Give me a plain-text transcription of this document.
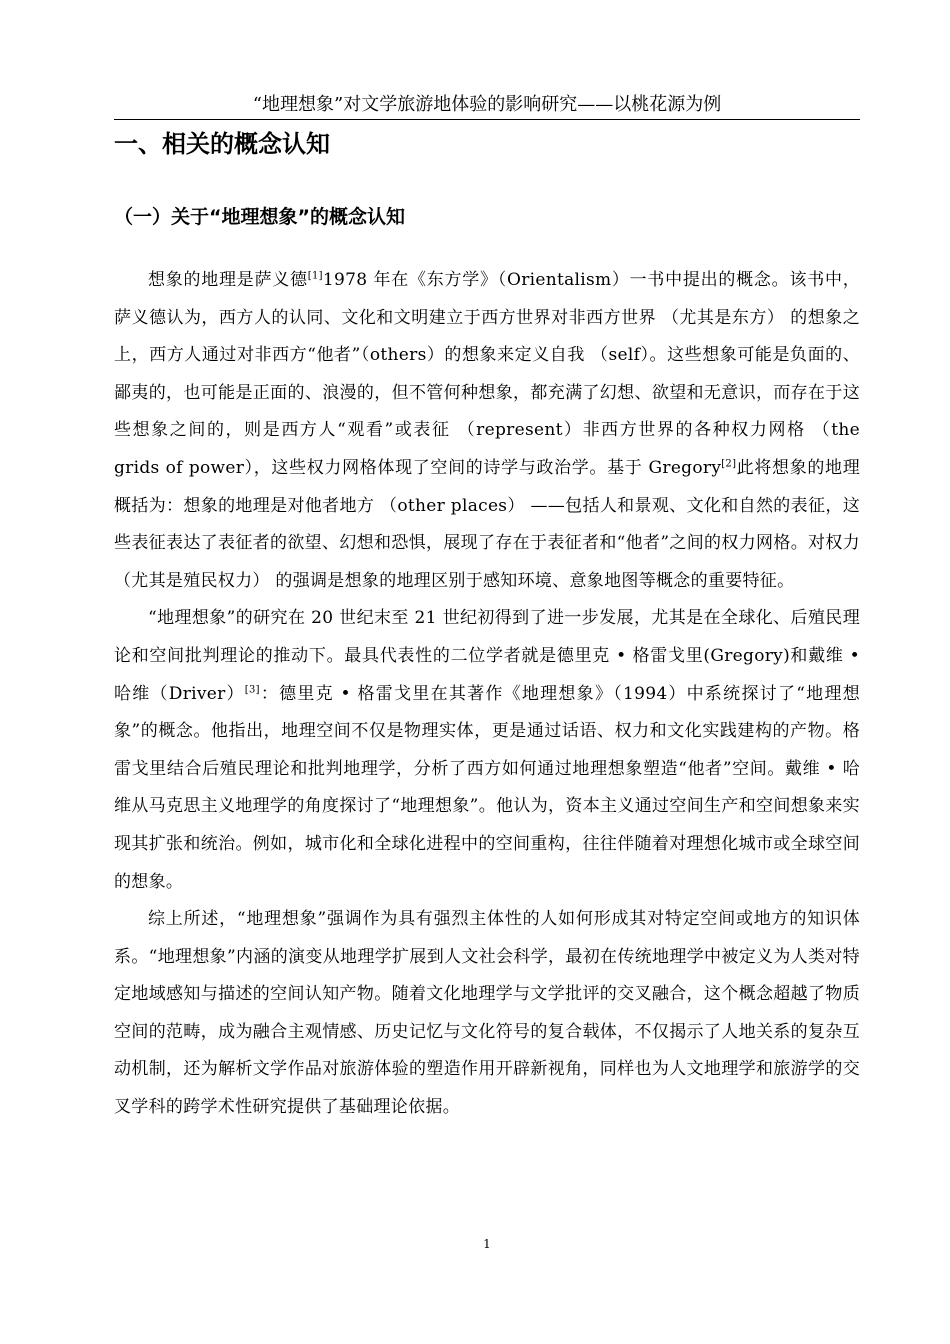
“地理想象”对文学旅游地体验的影响研究——以桃花源为例
一、相关的概念认知
（一）关于“地理想象”的概念认知

想象的地理是萨义德[1]1978 年在《东方学》（Orientalism）一书中提出的概念。该书中，萨义德认为，西方人的认同、文化和文明建立于西方世界对非西方世界 （尤其是东方） 的想象之上，西方人通过对非西方“他者”（others）的想象来定义自我 （self）。这些想象可能是负面的、鄙夷的，也可能是正面的、浪漫的，但不管何种想象，都充满了幻想、欲望和无意识，而存在于这些想象之间的，则是西方人“观看”或表征 （represent）非西方世界的各种权力网格 （the grids of power），这些权力网格体现了空间的诗学与政治学。基于 Gregory[2]此将想象的地理概括为：想象的地理是对他者地方 （other places） ——包括人和景观、文化和自然的表征，这些表征表达了表征者的欲望、幻想和恐惧，展现了存在于表征者和“他者”之间的权力网格。对权力 （尤其是殖民权力） 的强调是想象的地理区别于感知环境、意象地图等概念的重要特征。

“地理想象”的研究在 20 世纪末至 21 世纪初得到了进一步发展，尤其是在全球化、后殖民理论和空间批判理论的推动下。最具代表性的二位学者就是德里克 • 格雷戈里(Gregory)和戴维 • 哈维（Driver）[3]：德里克 • 格雷戈里在其著作《地理想象》（1994）中系统探讨了“地理想象”的概念。他指出，地理空间不仅是物理实体，更是通过话语、权力和文化实践建构的产物。格雷戈里结合后殖民理论和批判地理学，分析了西方如何通过地理想象塑造“他者”空间。戴维 • 哈维从马克思主义地理学的角度探讨了“地理想象”。他认为，资本主义通过空间生产和空间想象来实现其扩张和统治。例如，城市化和全球化进程中的空间重构，往往伴随着对理想化城市或全球空间的想象。

综上所述，“地理想象”强调作为具有强烈主体性的人如何形成其对特定空间或地方的知识体系。“地理想象”内涵的演变从地理学扩展到人文社会科学，最初在传统地理学中被定义为人类对特定地域感知与描述的空间认知产物。随着文化地理学与文学批评的交叉融合，这个概念超越了物质空间的范畴，成为融合主观情感、历史记忆与文化符号的复合载体，不仅揭示了人地关系的复杂互动机制，还为解析文学作品对旅游体验的塑造作用开辟新视角，同样也为人文地理学和旅游学的交叉学科的跨学术性研究提供了基础理论依据。

1
